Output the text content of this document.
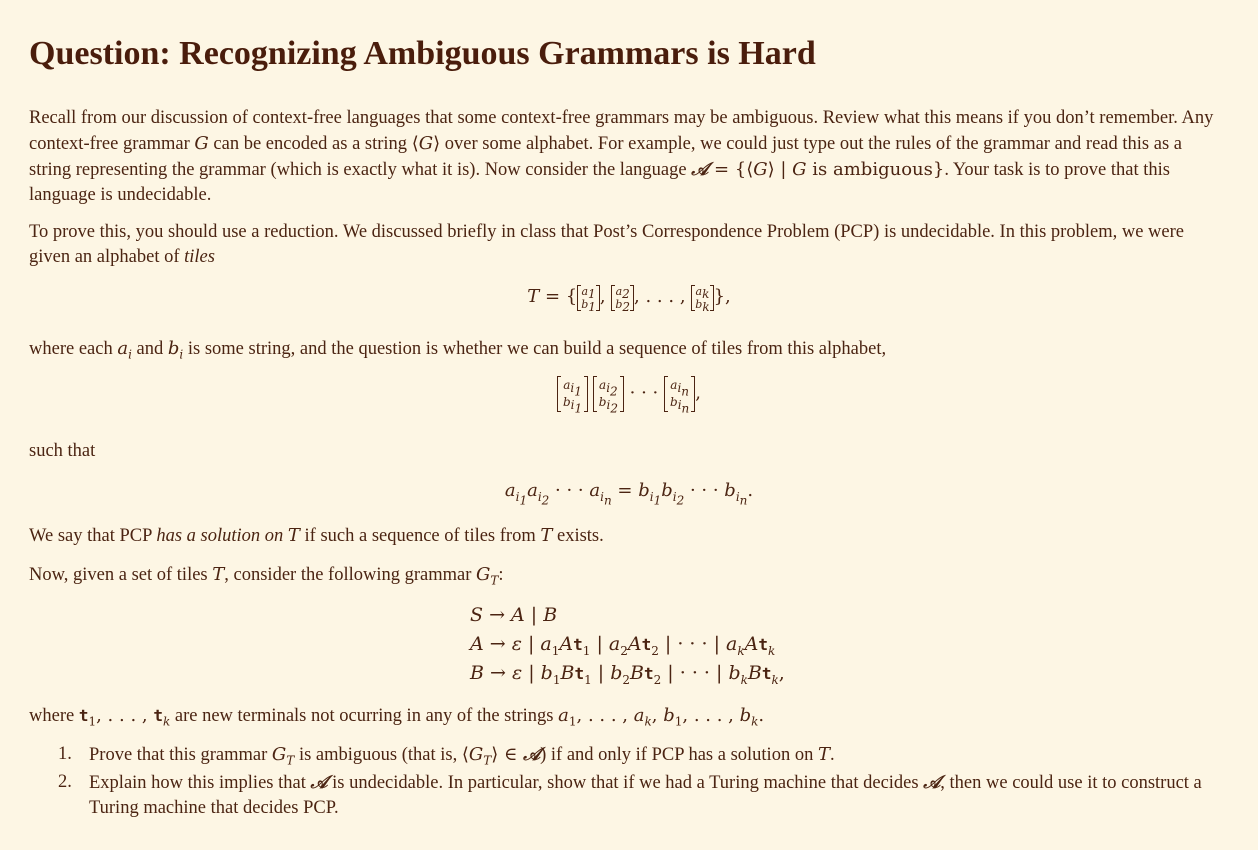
Question: Recognizing Ambiguous Grammars is Hard

Recall from our discussion of context-free languages that some context-free grammars may be ambiguous. Review what this means if you don’t remember. Any context-free grammar G can be encoded as a string ⟨G⟩ over some alphabet. For example, we could just type out the rules of the grammar and read this as a string representing the grammar (which is exactly what it is). Now consider the language 𝒜 = {⟨G⟩ | G is ambiguous}. Your task is to prove that this language is undecidable.

To prove this, you should use a reduction. We discussed briefly in class that Post’s Correspondence Problem (PCP) is undecidable. In this problem, we were given an alphabet of tiles

T = { $a_1$
$b_1$ , $a_2$
$b_2$ , . . . , $a_k$
$b_k$ },

where each $a_i$ and $b_i$ is some string, and the question is whether we can build a sequence of tiles from this alphabet,

$a_{i_1}$
$b_{i_1}$

$a_{i_2}$
$b_{i_2}$
· · · $a_{i_n}$
$b_{i_n}$
,

such that

$a_{i_1}a_{i_2}$ · · · $a_{i_n} = b_{i_1}b_{i_2}$ · · · $b_{i_n}$.

We say that PCP has a solution on T if such a sequence of tiles from T exists.

Now, given a set of tiles T, consider the following grammar $G_T$:

S → A | B
A → ε | $a_1At_1$ | $a_2At_2$ | · · · | $a_kAt_k$
B → ε | $b_1Bt_1$ | $b_2Bt_2$ | · · · | $b_kBt_k$,

where $t_1$, . . . , $t_k$ are new terminals not ocurring in any of the strings $a_1$, . . . , $a_k$, $b_1$, . . . , $b_k$.

1. Prove that this grammar $G_T$ is ambiguous (that is, $⟨G_T⟩$ ∈ 𝒜) if and only if PCP has a solution on T.
2. Explain how this implies that 𝒜 is undecidable. In particular, show that if we had a Turing machine that decides 𝒜, then we could use it to construct a Turing machine that decides PCP.
